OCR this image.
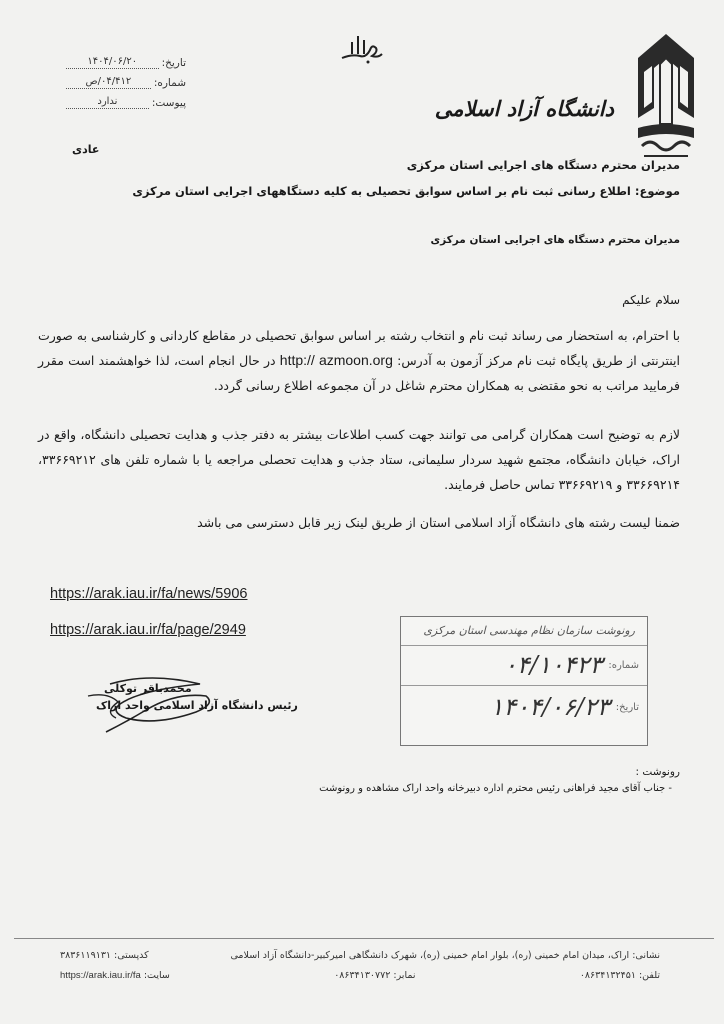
دانشگاه آزاد اسلامی
تاریخ:
۱۴۰۴/۰۶/۲۰
شماره:
۰۴/۴۱۲/ص
پیوست:
ندارد
عادی
مدیران محترم دستگاه های اجرایی استان مرکزی
موضوع: اطلاع رسانی ثبت نام بر اساس سوابق تحصیلی به کلیه دستگاههای اجرایی استان مرکزی
مدیران محترم دستگاه های اجرایی استان مرکزی
سلام علیکم
با احترام، به استحضار می رساند ثبت نام و انتخاب رشته بر اساس سوابق تحصیلی در مقاطع کاردانی و کارشناسی به صورت اینترنتی از طریق پایگاه ثبت نام مرکز آزمون به آدرس: http:// azmoon.org در حال انجام است، لذا خواهشمند است مقرر فرمایید مراتب به نحو مقتضی به همکاران محترم شاغل در آن مجموعه اطلاع رسانی گردد.
لازم به توضیح است همکاران گرامی می توانند جهت کسب اطلاعات بیشتر به دفتر جذب و هدایت تحصیلی دانشگاه، واقع در اراک، خیابان دانشگاه، مجتمع شهید سردار سلیمانی، ستاد جذب و هدایت تحصلی مراجعه یا با شماره تلفن های ۳۳۶۶۹۲۱۲، ۳۳۶۶۹۲۱۴ و ۳۳۶۶۹۲۱۹ تماس حاصل فرمایند.
ضمنا لیست رشته های دانشگاه آزاد اسلامی استان از طریق لینک زیر قابل دسترسی می باشد
https://arak.iau.ir/fa/news/5906
https://arak.iau.ir/fa/page/2949	رونوشت سازمان نظام مهندسی استان مرکزی
شماره:
۰۴/۱۰۴۲۳
تاریخ:
۱۴۰۴/۰۶/۲۳
محمدباقر توکلی
رئیس دانشگاه آزاد اسلامی واحد اراک
رونوشت :
- جناب آقای مجید فراهانی رئیس محترم اداره دبیرخانه واحد اراک مشاهده و رونوشت
نشانی: اراک، میدان امام خمینی (ره)، بلوار امام خمینی (ره)، شهرک دانشگاهی امیرکبیر-دانشگاه آزاد اسلامی
کدپستی: ۳۸۳۶۱۱۹۱۳۱
تلفن: ۰۸۶۳۴۱۳۲۴۵۱
نمابر: ۰۸۶۳۴۱۳۰۷۷۲
سایت: https://arak.iau.ir/fa
